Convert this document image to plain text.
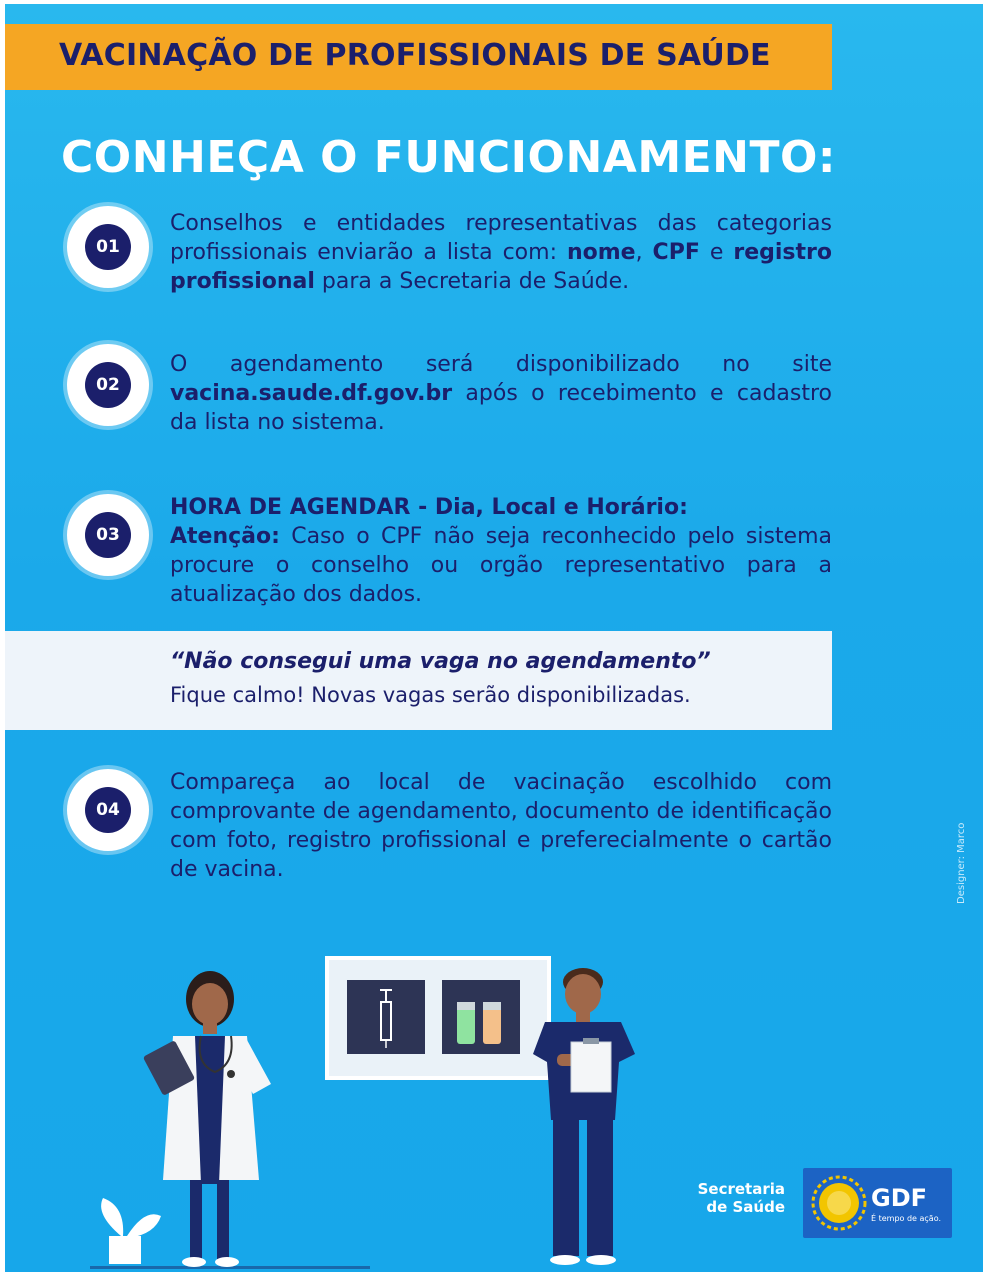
VACINAÇÃO DE PROFISSIONAIS DE SAÚDE
CONHEÇA O FUNCIONAMENTO:
01
Conselhos e entidades representativas das categorias profissionais enviarão a lista com: nome, CPF e registro profissional para a Secretaria de Saúde.
02
O agendamento será disponibilizado no site vacina.saude.df.gov.br após o recebimento e cadastro da lista no sistema.
03
HORA DE AGENDAR - Dia, Local e Horário:
Atenção: Caso o CPF não seja reconhecido pelo sistema procure o conselho ou orgão representativo para a atualização dos dados.
“Não consegui uma vaga no agendamento”
Fique calmo! Novas vagas serão disponibilizadas.
04
Compareça ao local de vacinação escolhido com comprovante de agendamento, documento de identificação com foto, registro profissional e preferecialmente o cartão de vacina.	Designer: Marco
Secretaria
de Saúde	GDF
É tempo de ação.
